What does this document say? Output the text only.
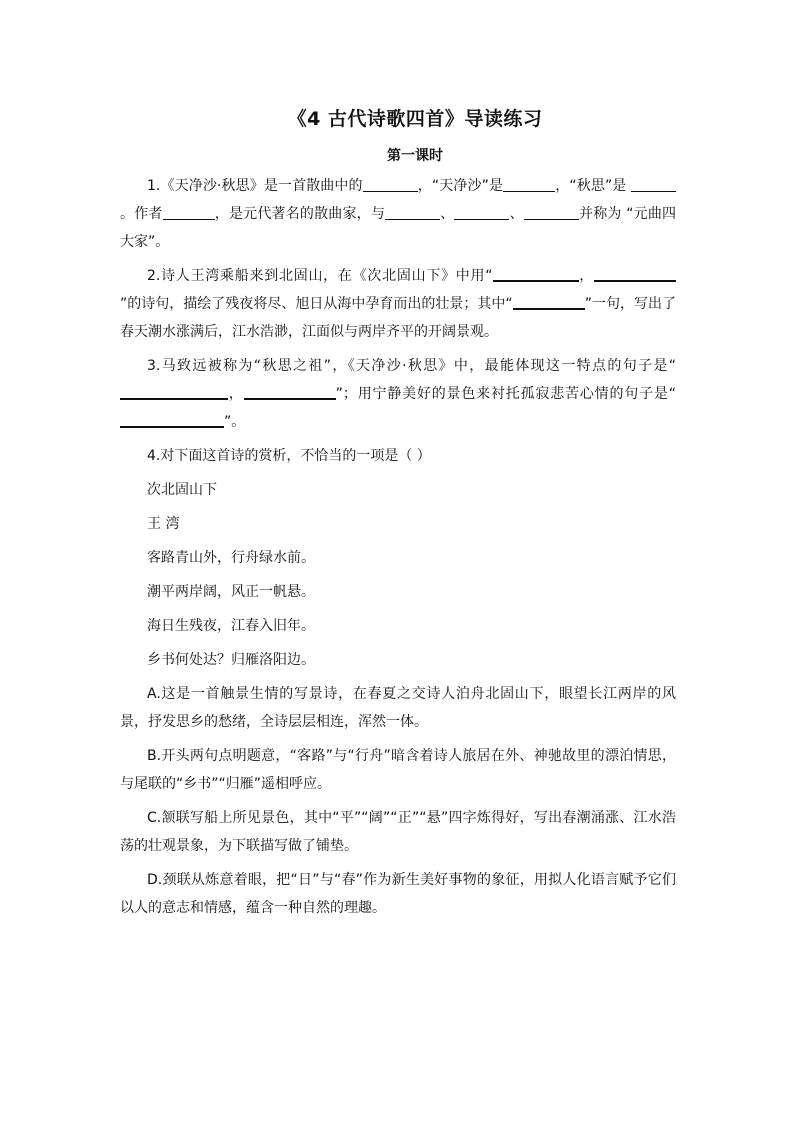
《4 古代诗歌四首》导读练习
第一课时

1.《天净沙·秋思》是一首散曲中的	，“天净沙”是	，“秋思”是 。作者	，是元代著名的散曲家，与	、	、	并称为 “元曲四大家”。

2.诗人王湾乘船来到北固山，在《次北固山下》中用“	，”的诗句，描绘了残夜将尽、旭日从海中孕育而出的壮景；其中“	”一句，写出了春天潮水涨满后，江水浩渺，江面似与两岸齐平的开阔景观。

3.马致远被称为“秋思之祖”，《天净沙·秋思》中，最能体现这一特点的句子是“，	”；用宁静美好的景色来衬托孤寂悲苦心情的句子是“”。

4.对下面这首诗的赏析，不恰当的一项是（ ）

次北固山下

王 湾

客路青山外，行舟绿水前。

潮平两岸阔，风正一帆悬。

海日生残夜，江春入旧年。

乡书何处达？归雁洛阳边。

A.这是一首触景生情的写景诗，在春夏之交诗人泊舟北固山下，眼望长江两岸的风景，抒发思乡的愁绪，全诗层层相连，浑然一体。

B.开头两句点明题意，“客路”与“行舟”暗含着诗人旅居在外、神驰故里的漂泊情思，与尾联的“乡书”“归雁”遥相呼应。

C.颔联写船上所见景色，其中“平”“阔”“正”“悬”四字炼得好，写出春潮涌涨、江水浩荡的壮观景象，为下联描写做了铺垫。

D.颈联从炼意着眼，把“日”与“春”作为新生美好事物的象征，用拟人化语言赋予它们以人的意志和情感，蕴含一种自然的理趣。
